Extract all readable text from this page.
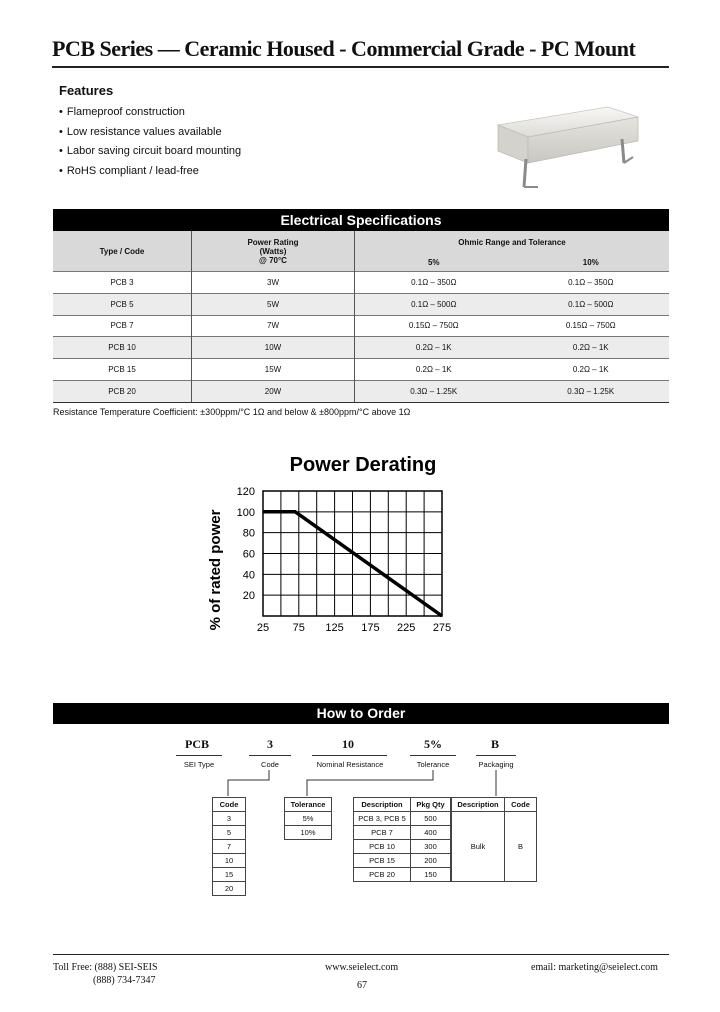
PCB Series — Ceramic Housed - Commercial Grade - PC Mount
Features
• Flameproof construction
• Low resistance values available
• Labor saving circuit board mounting
• RoHS compliant / lead-free
Electrical Specifications
Type / Code	Power Rating
(Watts)
@ 70°C	Ohmic Range and Tolerance	
		5%	10%
PCB 3	3W	0.1Ω – 350Ω	0.1Ω – 350Ω
PCB 5	5W	0.1Ω – 500Ω	0.1Ω – 500Ω
PCB 7	7W	0.15Ω – 750Ω	0.15Ω – 750Ω
PCB 10	10W	0.2Ω – 1K	0.2Ω – 1K
PCB 15	15W	0.2Ω – 1K	0.2Ω – 1K
PCB 20	20W	0.3Ω – 1.25K	0.3Ω – 1.25K
Resistance Temperature Coefficient: ±300ppm/°C 1Ω and below & ±800ppm/°C above 1Ω
Power Derating
% of rated power
120
100
80
60
40
20
25 75 125 175 225 275
How to Order
PCB	3	10	5%	B
SEI Type	Code	Nominal Resistance	Tolerance	Packaging
Code
3
5
7
10
15
20
Tolerance
5%
10%
Description	Pkg Qty
PCB 3, PCB 5	500
PCB 7	400
PCB 10	300
PCB 15	200
PCB 20	150
Description	Code
Bulk	B
Toll Free: (888) SEI-SEIS
(888) 734-7347
www.seielect.com	email: marketing@seielect.com
67
